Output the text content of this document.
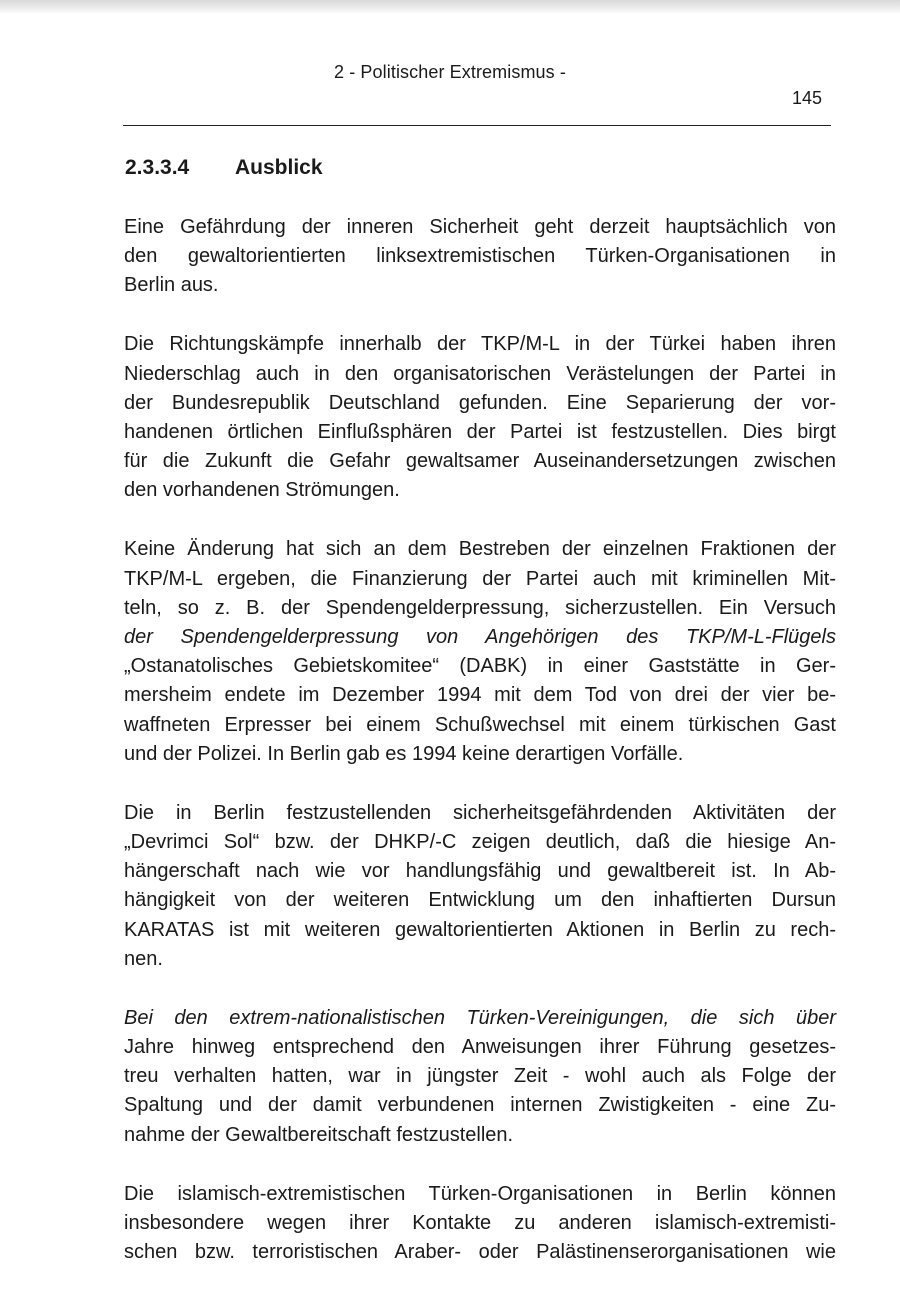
2 - Politischer Extremismus -
145
2.3.3.4 Ausblick

Eine Gefährdung der inneren Sicherheit geht derzeit hauptsächlich von
den gewaltorientierten linksextremistischen Türken-Organisationen in
Berlin aus.

Die Richtungskämpfe innerhalb der TKP/M-L in der Türkei haben ihren
Niederschlag auch in den organisatorischen Verästelungen der Partei in
der Bundesrepublik Deutschland gefunden. Eine Separierung der vor-
handenen örtlichen Einflußsphären der Partei ist festzustellen. Dies birgt
für die Zukunft die Gefahr gewaltsamer Auseinandersetzungen zwischen
den vorhandenen Strömungen.

Keine Änderung hat sich an dem Bestreben der einzelnen Fraktionen der
TKP/M-L ergeben, die Finanzierung der Partei auch mit kriminellen Mit-
teln, so z. B. der Spendengelderpressung, sicherzustellen. Ein Versuch
der Spendengelderpressung von Angehörigen des TKP/M-L-Flügels
„Ostanatolisches Gebietskomitee“ (DABK) in einer Gaststätte in Ger-
mersheim endete im Dezember 1994 mit dem Tod von drei der vier be-
waffneten Erpresser bei einem Schußwechsel mit einem türkischen Gast
und der Polizei. In Berlin gab es 1994 keine derartigen Vorfälle.

Die in Berlin festzustellenden sicherheitsgefährdenden Aktivitäten der
„Devrimci Sol“ bzw. der DHKP/-C zeigen deutlich, daß die hiesige An-
hängerschaft nach wie vor handlungsfähig und gewaltbereit ist. In Ab-
hängigkeit von der weiteren Entwicklung um den inhaftierten Dursun
KARATAS ist mit weiteren gewaltorientierten Aktionen in Berlin zu rech-
nen.

Bei den extrem-nationalistischen Türken-Vereinigungen, die sich über
Jahre hinweg entsprechend den Anweisungen ihrer Führung gesetzes-
treu verhalten hatten, war in jüngster Zeit - wohl auch als Folge der
Spaltung und der damit verbundenen internen Zwistigkeiten - eine Zu-
nahme der Gewaltbereitschaft festzustellen.

Die islamisch-extremistischen Türken-Organisationen in Berlin können
insbesondere wegen ihrer Kontakte zu anderen islamisch-extremisti-
schen bzw. terroristischen Araber- oder Palästinenserorganisationen wie
